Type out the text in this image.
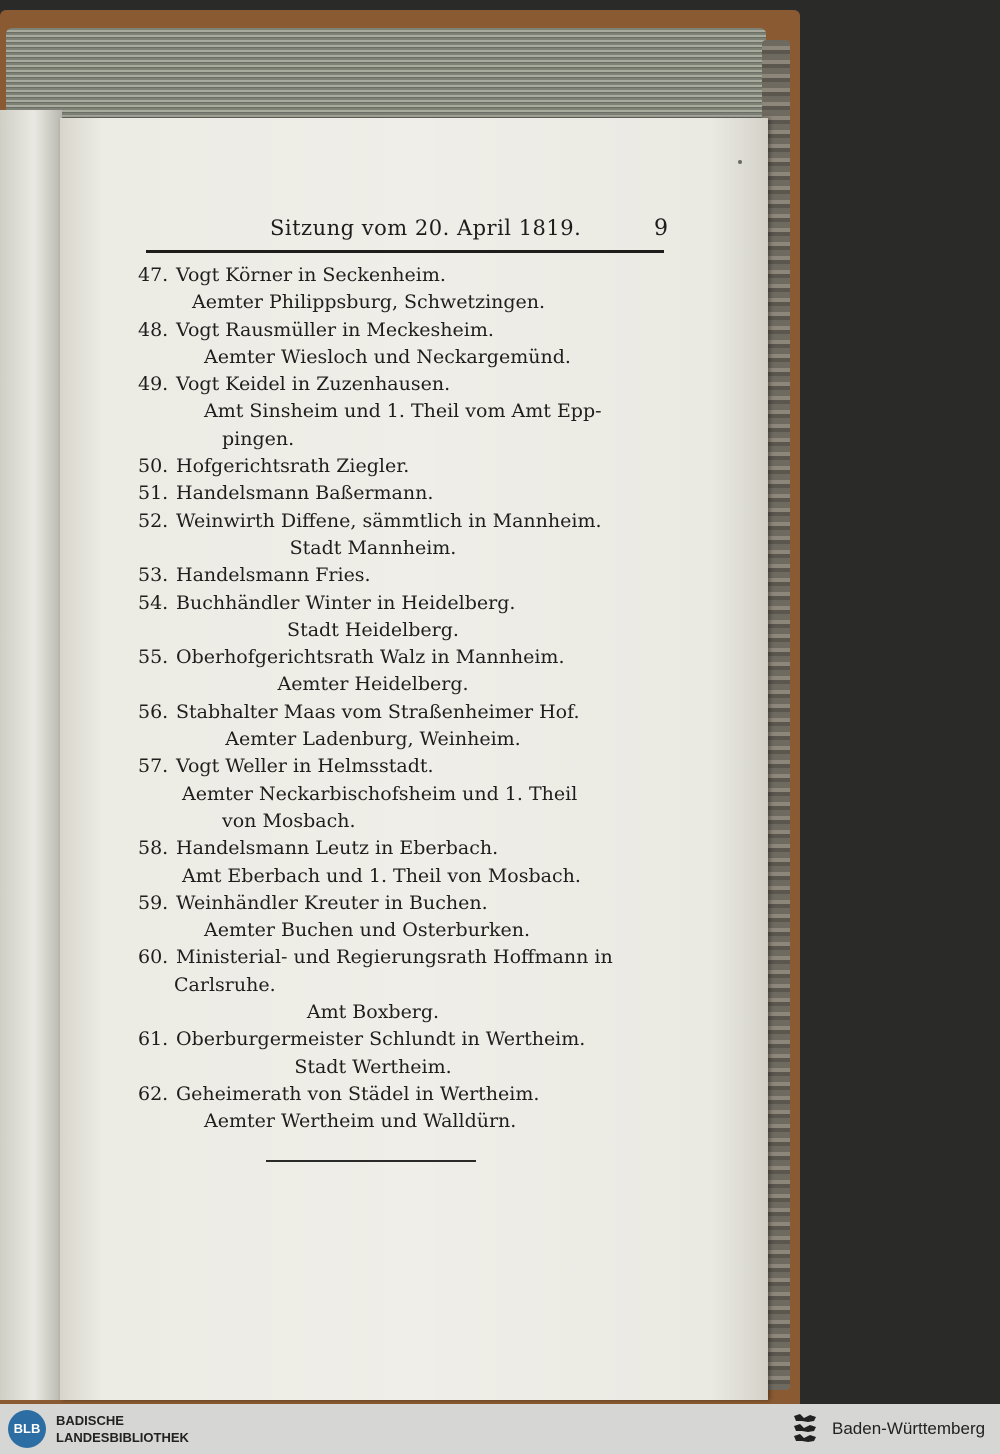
Sitzung vom 20. April 1819.	9
47. Vogt Körner in Seckenheim.
Aemter Philippsburg, Schwetzingen.
48. Vogt Rausmüller in Meckesheim.
Aemter Wiesloch und Neckargemünd.
49. Vogt Keidel in Zuzenhausen.
Amt Sinsheim und 1. Theil vom Amt Epp-
pingen.
50. Hofgerichtsrath Ziegler.
51. Handelsmann Baßermann.
52. Weinwirth Diffene, sämmtlich in Mannheim.
Stadt Mannheim.
53. Handelsmann Fries.
54. Buchhändler Winter in Heidelberg.
Stadt Heidelberg.
55. Oberhofgerichtsrath Walz in Mannheim.
Aemter Heidelberg.
56. Stabhalter Maas vom Straßenheimer Hof.
Aemter Ladenburg, Weinheim.
57. Vogt Weller in Helmsstadt.
Aemter Neckarbischofsheim und 1. Theil
von Mosbach.
58. Handelsmann Leutz in Eberbach.
Amt Eberbach und 1. Theil von Mosbach.
59. Weinhändler Kreuter in Buchen.
Aemter Buchen und Osterburken.
60. Ministerial- und Regierungsrath Hoffmann in
Carlsruhe.
Amt Boxberg.
61. Oberburgermeister Schlundt in Wertheim.
Stadt Wertheim.
62. Geheimerath von Städel in Wertheim.
Aemter Wertheim und Walldürn.
BLB
BADISCHE
LANDESBIBLIOTHEK	Baden-Württemberg
